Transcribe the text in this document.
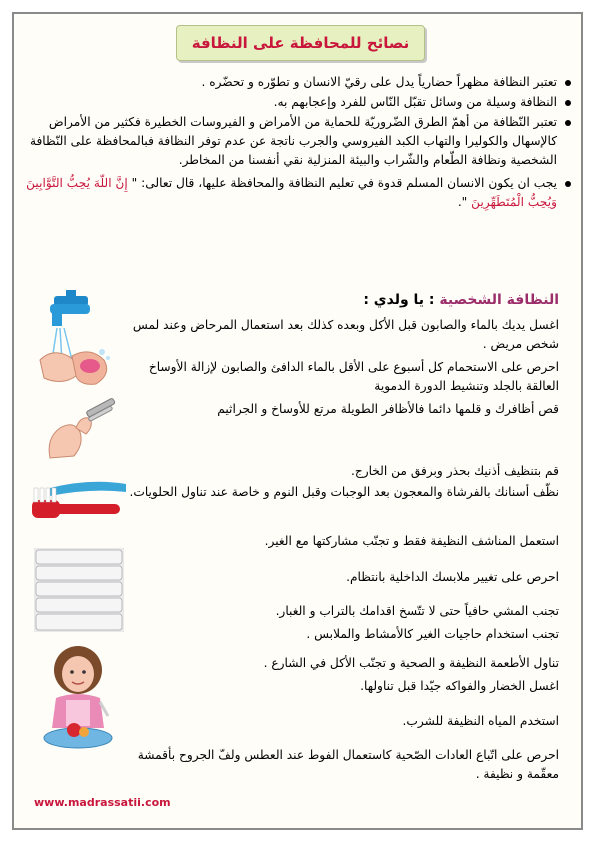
نصائح للمحافظة على النظافة
تعتبر النظافة مظهراً حضارياً يدل على رقيّ الانسان و تطوّره و تحضّره .
النظافة وسيلة من وسائل تقبّل النّاس للفرد وإعجابهم به.
تعتبر النّظافة من أهمّ الطرق الضّروريّة للحماية من الأمراض و الفيروسات الخطيرة فكثير من الأمراض كالإسهال والكوليرا والتهاب الكبد الفيروسي والجرب ناتجة عن عدم توفر النظافة فبالمحافظة على النّظافة الشخصية ونظافة الطّعام والشّراب والبيئة المنزلية نقي أنفسنا من المخاطر.
يجب ان يكون الانسان المسلم قدوة في تعليم النظافة والمحافظة عليها، قال تعالى: " إِنَّ اللّهَ يُحِبُّ التَّوَّابِينَ وَيُحِبُّ الْمُتَطَهِّرِينَ ".
النظافة الشخصية : يا ولدي :
اغسل يديك بالماء والصابون قبل الأكل وبعده كذلك بعد استعمال المرحاض وعند لمس شخص مريض .
احرص على الاستحمام كل أسبوع على الأقل بالماء الدافئ والصابون لإزالة الأوساخ العالقة بالجلد وتنشيط الدورة الدموية
قص أظافرك و قلمها دائما فالأظافر الطويلة مرتع للأوساخ و الجراثيم
قم بتنظيف أذنيك بحذر وبرفق من الخارج.
نظّف أسنانك بالفرشاة والمعجون بعد الوجبات وقبل النوم و خاصة عند تناول الحلويات.
استعمل المناشف النظيفة فقط و تجنّب مشاركتها مع الغير.
احرص على تغيير ملابسك الداخلية بانتظام.
تجنب المشي حافياً حتى لا تتّسخ اقدامك بالتراب و الغبار.
تجنب استخدام حاجيات الغير كالأمشاط والملابس .
تناول الأطعمة النظيفة و الصحية و تجنّب الأكل في الشارع .
اغسل الخضار والفواكه جيّدا قبل تناولها.
استخدم المياه النظيفة للشرب.
احرص على اتّباع العادات الصّحية كاستعمال الفوط عند العطس ولفّ الجروح بأقمشة معقّمة و نظيفة .
www.madrassatii.com
